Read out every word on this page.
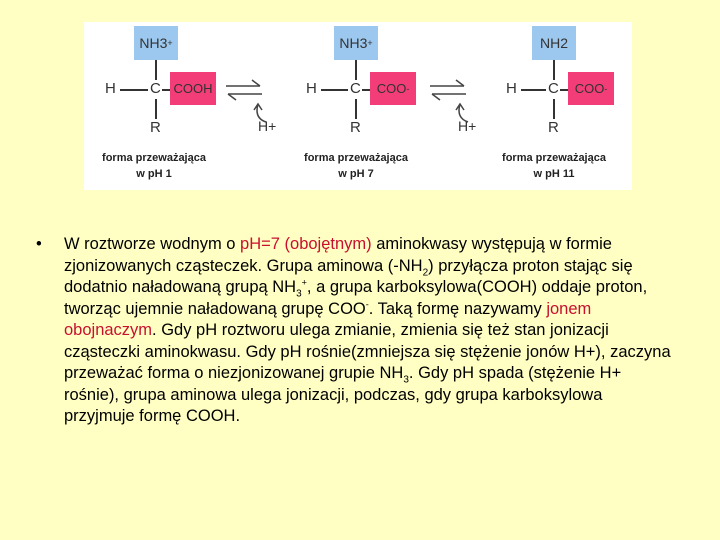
NH3 +
H C COOH
R
forma przeważająca
w pH 1
H+
NH3 +
H C COO -
R
forma przeważająca
w pH 7
H+
NH2
H C COO -
R
forma przeważająca
w pH 11
• W roztworze wodnym o pH=7 (obojętnym) aminokwasy występują w formie zjonizowanych cząsteczek. Grupa aminowa $(-NH_2)$ przyłącza proton stając się dodatnio naładowaną grupą $NH_3^+$, a grupa karboksylowa(COOH) oddaje proton, tworząc ujemnie naładowaną grupę COO-. Taką formę nazywamy jonem obojnaczym. Gdy pH roztworu ulega zmianie, zmienia się też stan jonizacji cząsteczki aminokwasu. Gdy pH rośnie(zmniejsza się stężenie jonów H+), zaczyna przeważać forma o niezjonizowanej grupie $NH_3$. Gdy pH spada (stężenie H+ rośnie), grupa aminowa ulega jonizacji, podczas, gdy grupa karboksylowa przyjmuje formę COOH.
